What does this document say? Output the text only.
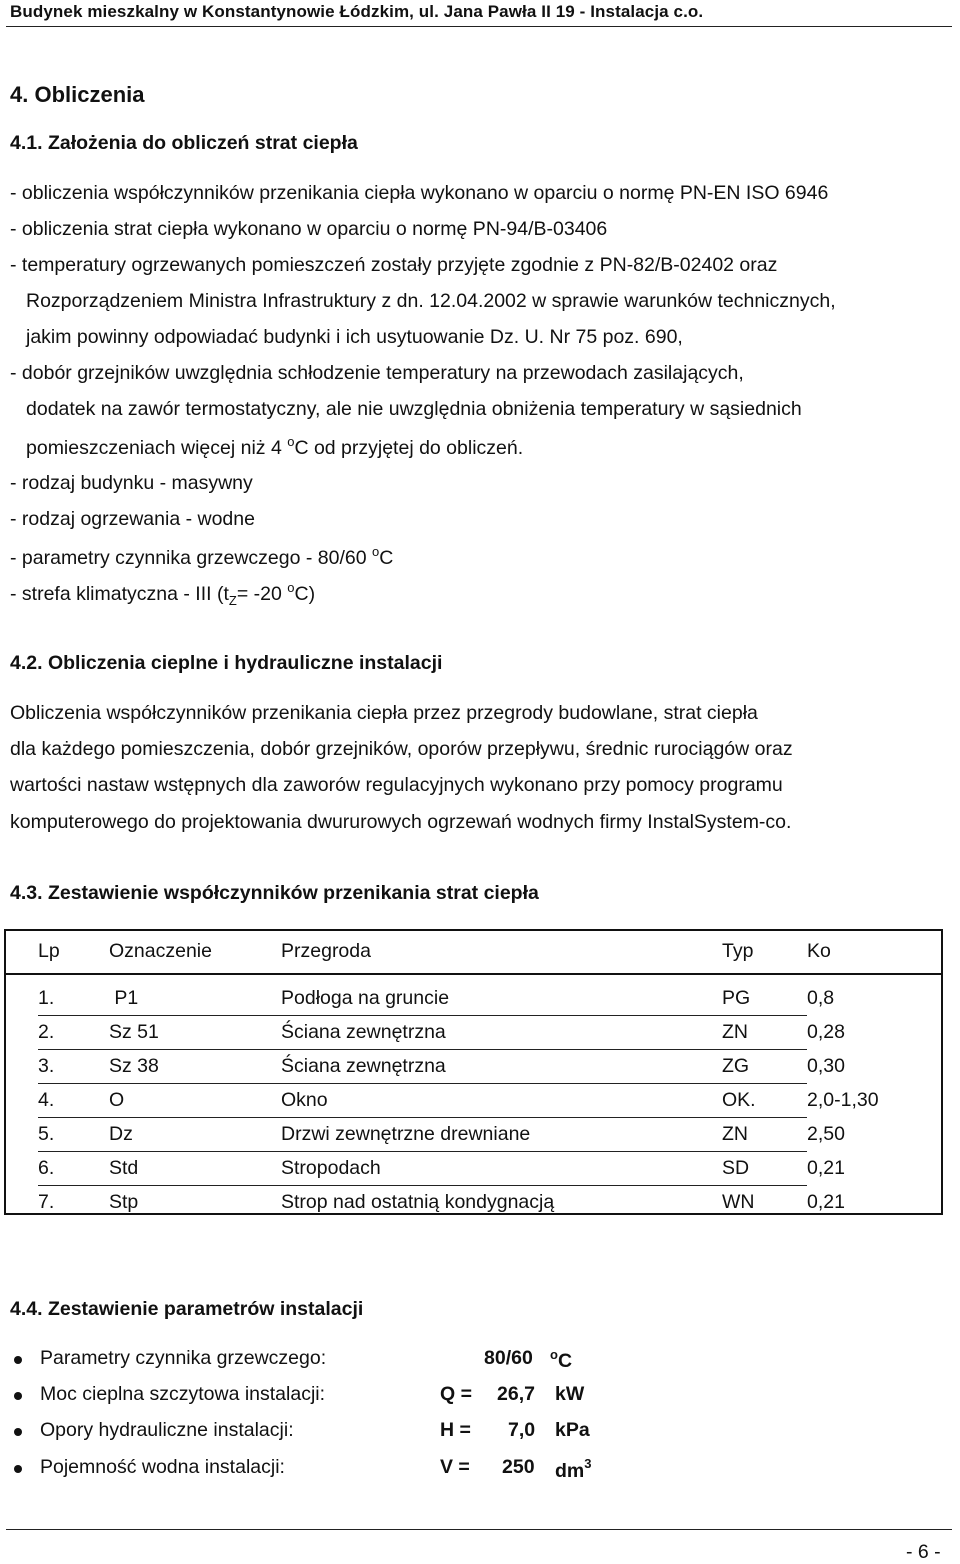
Budynek mieszkalny w Konstantynowie Łódzkim, ul. Jana Pawła II 19 - Instalacja c.o.
4. Obliczenia
4.1. Założenia do obliczeń strat ciepła
- obliczenia współczynników przenikania ciepła wykonano w oparciu o normę PN-EN ISO 6946
- obliczenia strat ciepła wykonano w oparciu o normę PN-94/B-03406
- temperatury ogrzewanych pomieszczeń zostały przyjęte zgodnie z PN-82/B-02402 oraz
Rozporządzeniem Ministra Infrastruktury z dn. 12.04.2002 w sprawie warunków technicznych,
jakim powinny odpowiadać budynki i ich usytuowanie Dz. U. Nr 75 poz. 690,
- dobór grzejników uwzględnia schłodzenie temperatury na przewodach zasilających,
dodatek na zawór termostatyczny, ale nie uwzględnia obniżenia temperatury w sąsiednich
pomieszczeniach więcej niż 4 $^o$C od przyjętej do obliczeń.
- rodzaj budynku - masywny
- rodzaj ogrzewania - wodne
- parametry czynnika grzewczego - 80/60 $^o$C
- strefa klimatyczna - III ($t_Z= -20$ $^o$C)
4.2. Obliczenia cieplne i hydrauliczne instalacji
Obliczenia współczynników przenikania ciepła przez przegrody budowlane, strat ciepła
dla każdego pomieszczenia, dobór grzejników, oporów przepływu, średnic rurociągów oraz
wartości nastaw wstępnych dla zaworów regulacyjnych wykonano przy pomocy programu
komputerowego do projektowania dwururowych ogrzewań wodnych firmy InstalSystem-co.
4.3. Zestawienie współczynników przenikania strat ciepła
	Lp	Oznaczenie	Przegroda	Typ	Ko

	1.	P1	Podłoga na gruncie	PG	0,8
	2.	Sz 51	Ściana zewnętrzna	ZN	0,28
	3.	Sz 38	Ściana zewnętrzna	ZG	0,30
	4.	O	Okno	OK.	2,0-1,30
	5.	Dz	Drzwi zewnętrzne drewniane	ZN	2,50
	6.	Std	Stropodach	SD	0,21
	7.	Stp	Strop nad ostatnią kondygnacją	WN	0,21
4.4. Zestawienie parametrów instalacji
Parametry czynnika grzewczego:	80/60 $^o$C
Moc cieplna szczytowa instalacji:	Q = 26,7 kW
Opory hydrauliczne instalacji:	H = 7,0 kPa
Pojemność wodna instalacji:	V = 250 $dm^3$
- 6 -
